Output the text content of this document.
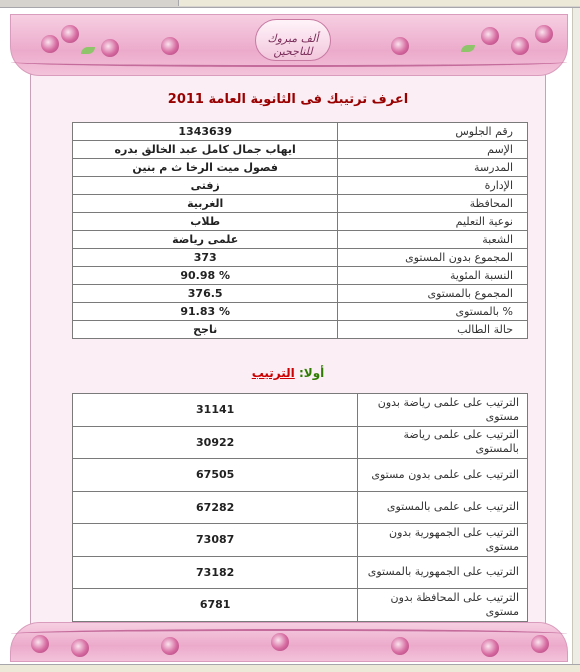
ألف مبروك للناجحين
اعرف ترتيبك فى الثانوية العامة 2011
1343639	رقم الجلوس
ايهاب جمال كامل عبد الخالق بدره	الإسم
فصول ميت الرخا ث م بنين	المدرسة
زفتى	الإدارة
الغربية	المحافظة
طلاب	نوعية التعليم
علمى رياضة	الشعبة
373	المجموع بدون المستوى
90.98 %	النسبة المئوية
376.5	المجموع بالمستوى
91.83 %	بالمستوى %
ناجح	حالة الطالب
أولا: الترتيب
31141	الترتيب على علمى رياضة بدون مستوى
30922	الترتيب على علمى رياضة بالمستوى
67505	الترتيب على علمى بدون مستوى
67282	الترتيب على علمى بالمستوى
73087	الترتيب على الجمهورية بدون مستوى
73182	الترتيب على الجمهورية بالمستوى
6781	الترتيب على المحافظة بدون مستوى
